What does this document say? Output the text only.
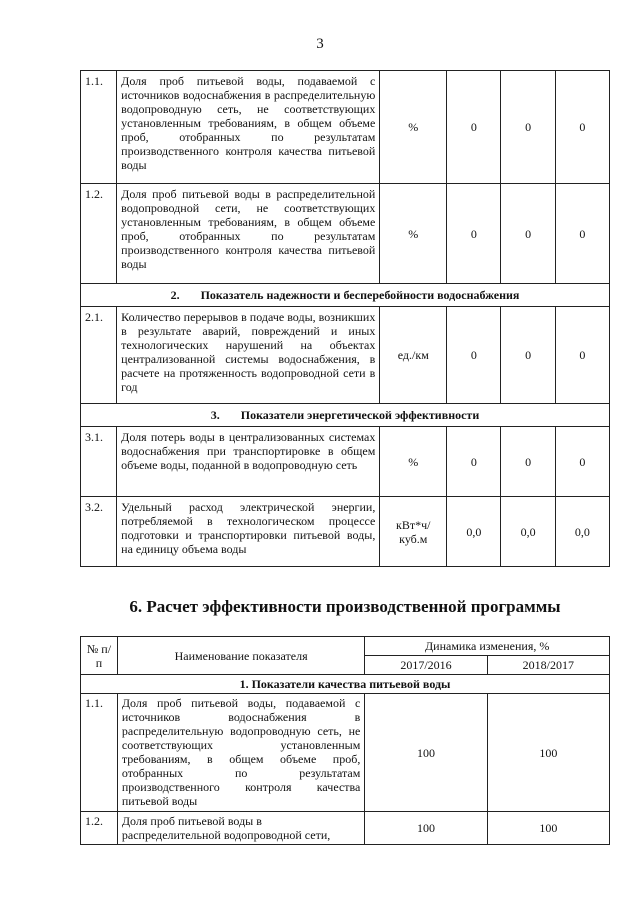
3
1.1.	Доля проб питьевой воды, подаваемой с источников водоснабжения в распределительную водопроводную сеть, не соответствующих установленным требованиям, в общем объеме проб, отобранных по результатам производственного контроля качества питьевой воды	%	0	0	0
1.2.	Доля проб питьевой воды в распределительной водопроводной сети, не соответствующих установленным требованиям, в общем объеме проб, отобранных по результатам производственного контроля качества питьевой воды	%	0	0	0
2.       Показатель надежности и бесперебойности водоснабжения					
2.1.	Количество перерывов в подаче воды, возникших в результате аварий, повреждений и иных технологических нарушений на объектах централизованной системы водоснабжения, в расчете на протяженность водопроводной сети в год	ед./км	0	0	0
3.       Показатели энергетической эффективности					
3.1.	Доля потерь воды в централизованных системах водоснабжения при транспортировке в общем объеме воды, поданной в водопроводную сеть	%	0	0	0
3.2.	Удельный расход электрической энергии, потребляемой в технологическом процессе подготовки и транспортировки питьевой воды, на единицу объема воды	кВт*ч/ куб.м	0,0	0,0	0,0
6. Расчет эффективности производственной программы
№ п/п	Наименование показателя	Динамика изменения, %	
		2017/2016	2018/2017
1. Показатели качества питьевой воды			
1.1.	Доля проб питьевой воды, подаваемой с источников водоснабжения в распределительную водопроводную сеть, не соответствующих установленным требованиям, в общем объеме проб, отобранных по результатам производственного контроля качества питьевой воды	100	100
1.2.	Доля проб питьевой воды в распределительной водопроводной сети,	100	100
